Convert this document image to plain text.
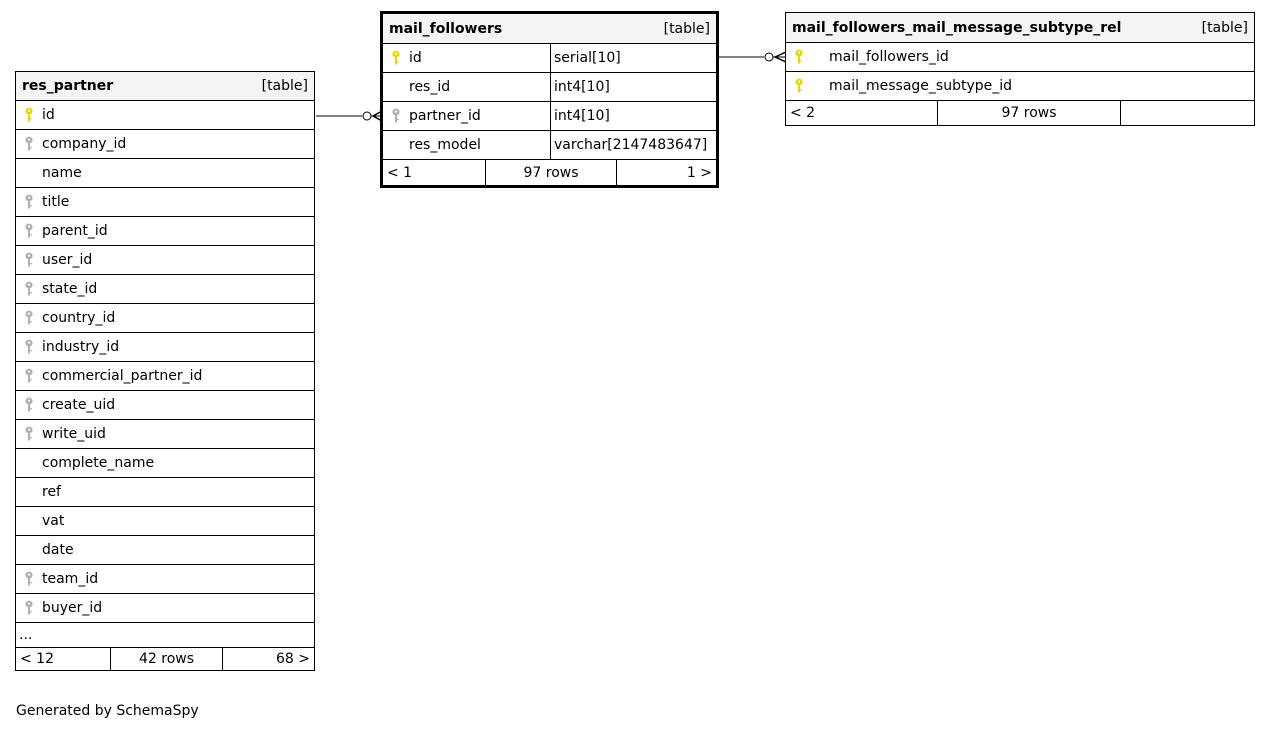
res_partner	[table]
id
company_id
name
title
parent_id
user_id
state_id
country_id
industry_id
commercial_partner_id
create_uid
write_uid
complete_name
ref
vat
date
team_id
buyer_id
...
< 12	42 rows	68 >
mail_followers	[table]
id	serial[10]
res_id	int4[10]
partner_id	int4[10]
res_model	varchar[2147483647]
< 1	97 rows	1 >
mail_followers_mail_message_subtype_rel	[table]
mail_followers_id
mail_message_subtype_id
< 2	97 rows
Generated by SchemaSpy
